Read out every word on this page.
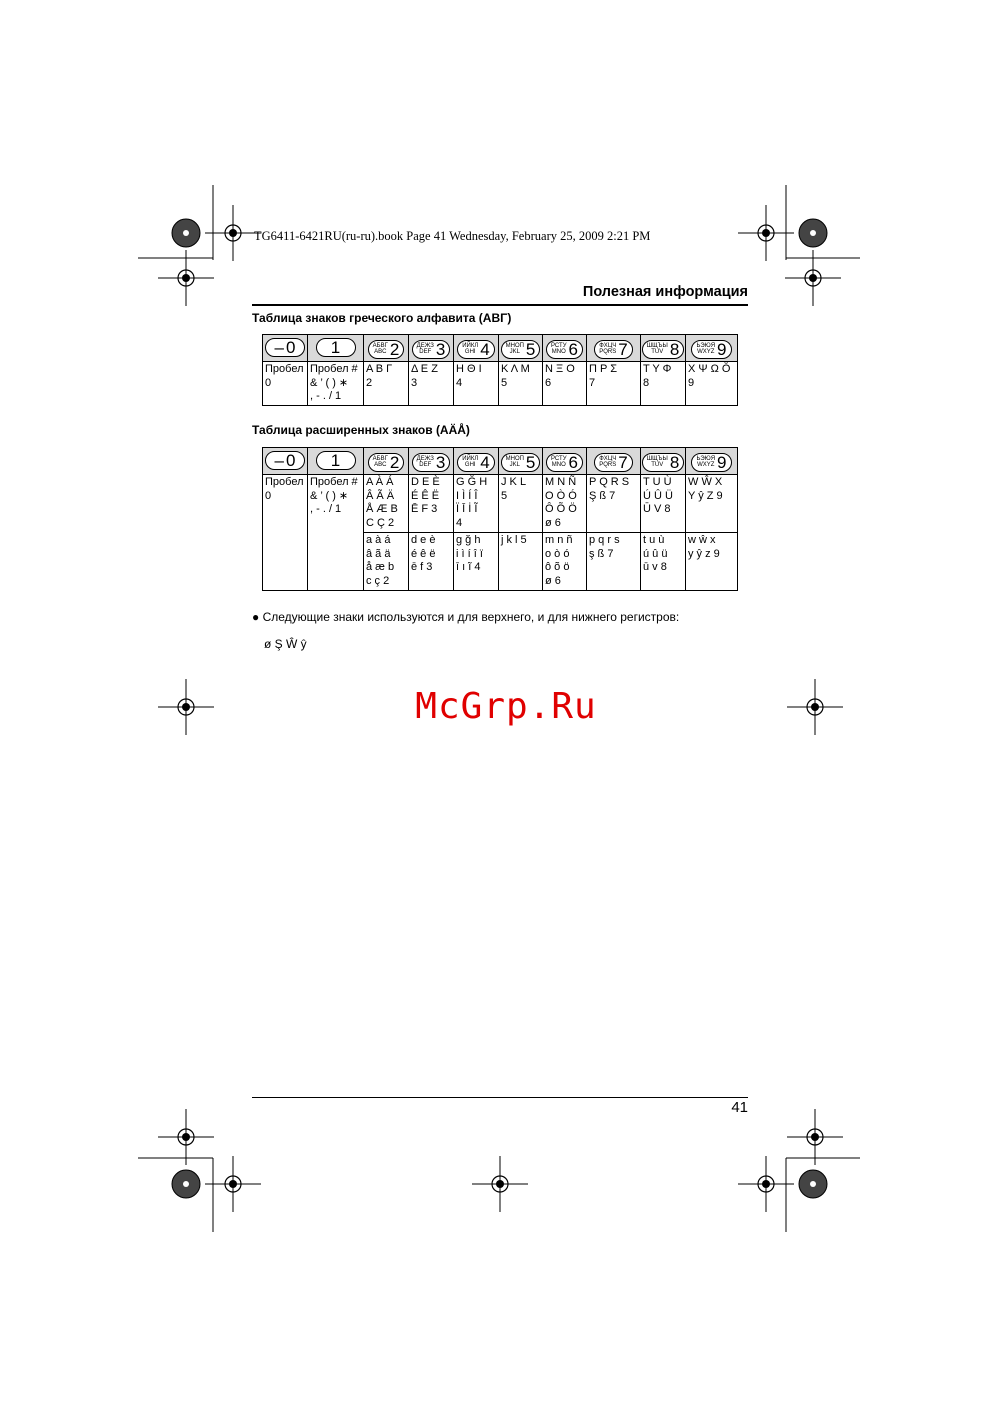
TG6411-6421RU(ru-ru).book Page 41 Wednesday, February 25, 2009 2:21 PM
Полезная информация
Таблица знаков греческого алфавита (ΑΒΓ)
– 0	1	АБВГ
ABC 2	ДЕЖЗ
DEF 3	ИЙКЛ
GHI 4	МНОП
JKL 5	РСТУ
MNO 6	ФХЦЧ
PQRS 7	ШЩЪЫ
TUV 8	ЬЭЮЯ
WXYZ 9

Пробел
0	Пробел #
& ’ ( ) ∗
, - . / 1	Α Β Γ
2	Δ Ε Ζ
3	Η Θ Ι
4	Κ Λ Μ
5	Ν Ξ Ο
6	Π Ρ Σ
7	Τ Υ Φ
8	Χ Ψ Ω Ŏ
9
Таблица расширенных знаков (AÄÅ)
– 0	1	АБВГ
ABC 2	ДЕЖЗ
DEF 3	ИЙКЛ
GHI 4	МНОП
JKL 5	РСТУ
MNO 6	ФХЦЧ
PQRS 7	ШЩЪЫ
TUV 8	ЬЭЮЯ
WXYZ 9

Пробел
0	Пробел #
& ’ ( ) ∗
, - . / 1	A À Á
Â Ã Ä
Å Æ B
C Ç 2	D E È
É Ê Ë
Ē F 3	G Ğ H
I Ì Í Î
Ï Ī İ Ĩ
4	J K L
5	M N Ñ
O Ò Ó
Ô Õ Ö
ø 6	P Q R S
Ş ß 7	T U Ù
Ú Û Ü
Ū V 8	W Ŵ X
Y ŷ Z 9
		a à á
â ã ä
å æ b
c ç 2	d e è
é ê ë
ē f 3	g ğ h
i ì í î ï
ī ı ĩ 4	j k l 5	m n ñ
o ò ó
ô õ ö
ø 6	p q r s
ş ß 7	t u ù
ú û ü
ū v 8	w ŵ x
y ŷ z 9
● Следующие знаки используются и для верхнего, и для нижнего регистров:
ø Ş Ŵ ŷ
McGrp.Ru
41
